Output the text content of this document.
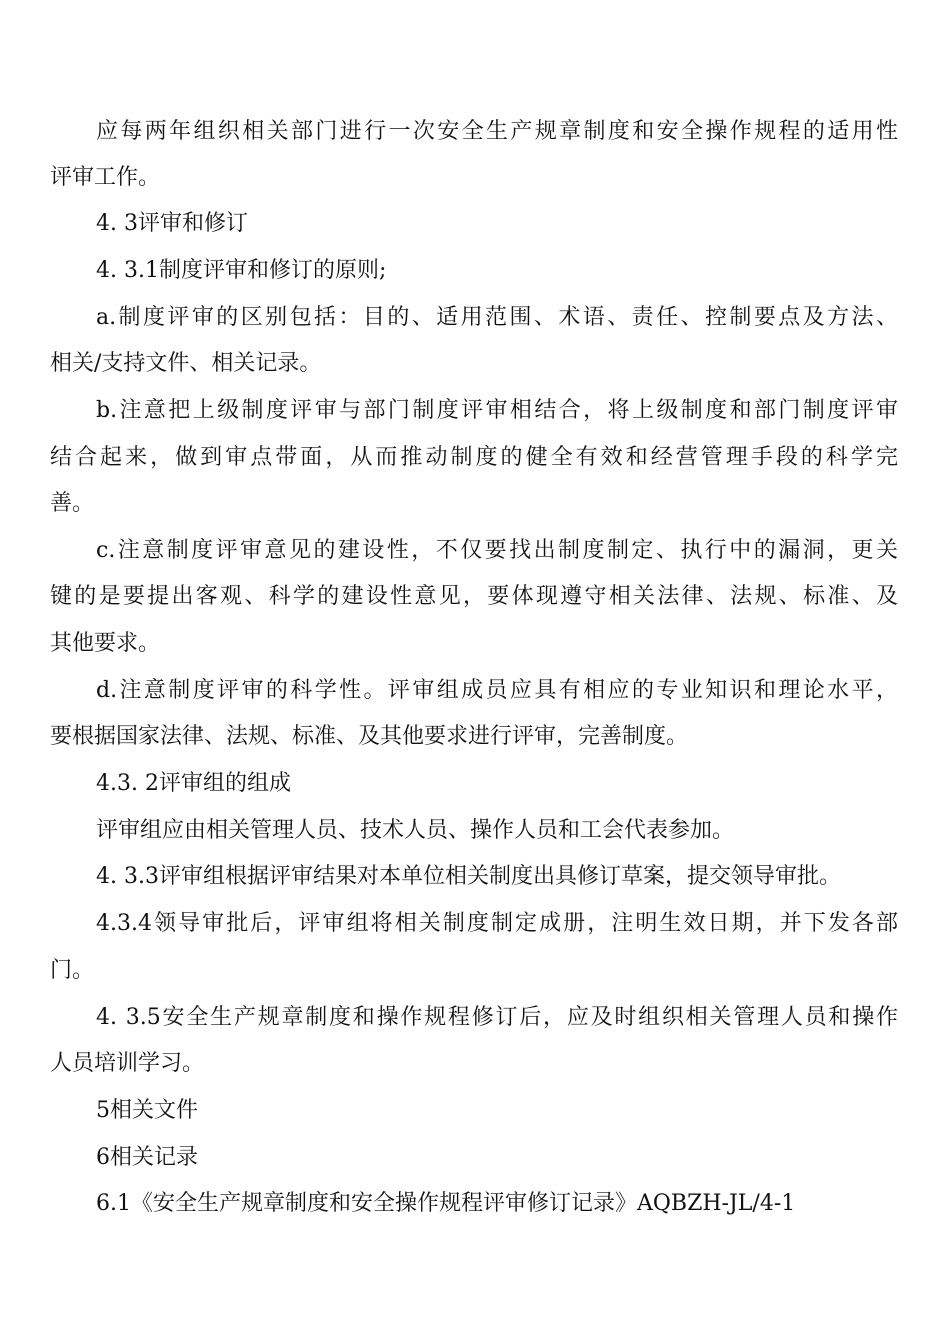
应每两年组织相关部门进行一次安全生产规章制度和安全操作规程的适用性

评审工作。

4. 3评审和修订

4. 3.1制度评审和修订的原则;

a.制度评审的区别包括：目的、适用范围、术语、责任、控制要点及方法、

相关/支持文件、相关记录。

b.注意把上级制度评审与部门制度评审相结合，将上级制度和部门制度评审

结合起来，做到审点带面，从而推动制度的健全有效和经营管理手段的科学完

善。

c.注意制度评审意见的建设性，不仅要找出制度制定、执行中的漏洞，更关

键的是要提出客观、科学的建设性意见，要体现遵守相关法律、法规、标准、及

其他要求。

d.注意制度评审的科学性。评审组成员应具有相应的专业知识和理论水平，

要根据国家法律、法规、标准、及其他要求进行评审，完善制度。

4.3. 2评审组的组成

评审组应由相关管理人员、技术人员、操作人员和工会代表参加。

4. 3.3评审组根据评审结果对本单位相关制度出具修订草案，提交领导审批。

4.3.4领导审批后，评审组将相关制度制定成册，注明生效日期，并下发各部

门。

4. 3.5安全生产规章制度和操作规程修订后，应及时组织相关管理人员和操作

人员培训学习。

5相关文件

6相关记录

6.1《安全生产规章制度和安全操作规程评审修订记录》AQBZH-JL/4-1
